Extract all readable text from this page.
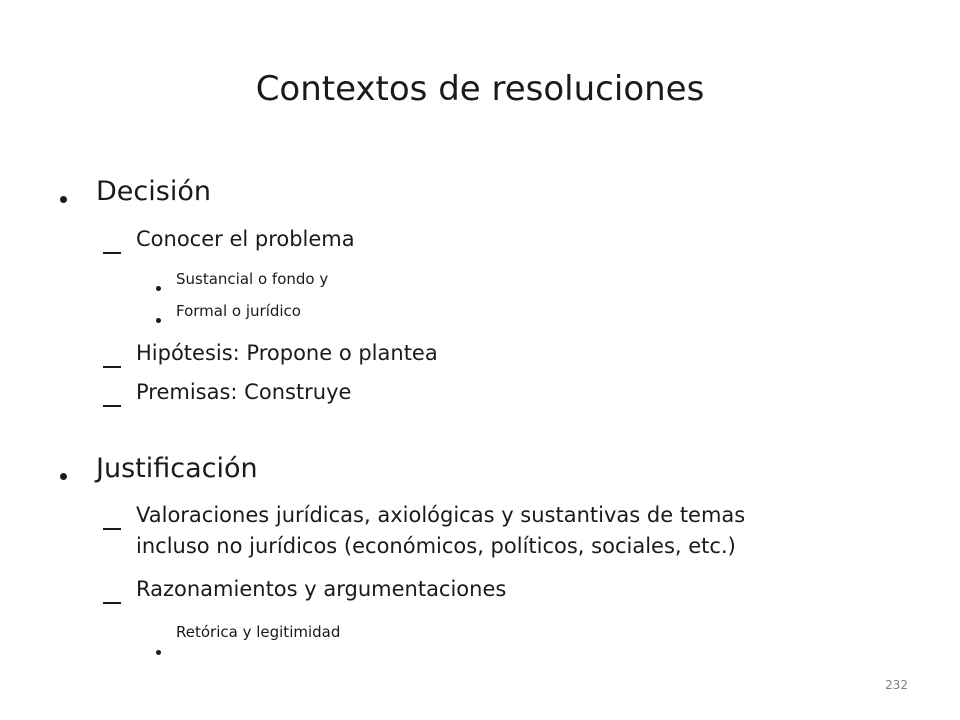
Contextos de resoluciones
Decisión
Conocer el problema
Sustancial o fondo y
Formal o jurídico
Hipótesis: Propone o plantea
Premisas: Construye
Justificación
Valoraciones jurídicas, axiológicas y sustantivas de temas
incluso no jurídicos (económicos, políticos, sociales, etc.)
Razonamientos y argumentaciones
Retórica y legitimidad
232
